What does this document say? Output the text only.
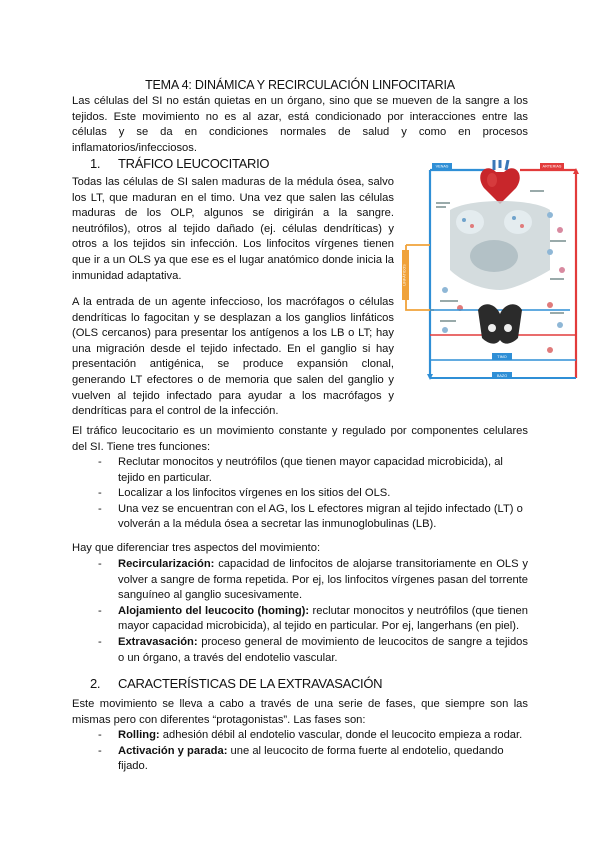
TEMA 4: DINÁMICA Y RECIRCULACIÓN LINFOCITARIA

Las células del SI no están quietas en un órgano, sino que se mueven de la sangre a los tejidos. Este movimiento no es al azar, está condicionado por interacciones entre las células y se da en condiciones normales de salud y como en procesos inflamatorios/infecciosos.

1. TRÁFICO LEUCOCITARIO

Todas las células de SI salen maduras de la médula ósea, salvo los LT, que maduran en el timo. Una vez que salen las células maduras de los OLP, algunos se dirigirán a la sangre. neutrófilos), otros al tejido dañado (ej. células dendríticas) y otros a los tejidos sin infección. Los linfocitos vírgenes tienen que ir a un OLS ya que ese es el lugar anatómico donde inicia la inmunidad adaptativa.

A la entrada de un agente infeccioso, los macrófagos o células dendríticas lo fagocitan y se desplazan a los ganglios linfáticos (OLS cercanos) para presentar los antígenos a los LB o LT; hay una migración desde el tejido infectado. En el ganglio si hay presentación antigénica, se produce expansión clonal, generando LT efectores o de memoria que salen del ganglio y vuelven al tejido infectado para ayudar a los macrófagos y dendríticas para el control de la infección.

VENAS	ARTERIAS
LINFÁTICOS
TIMO
BAZO

El tráfico leucocitario es un movimiento constante y regulado por componentes celulares del SI. Tiene tres funciones:

- Reclutar monocitos y neutrófilos (que tienen mayor capacidad microbicida), al tejido en particular.
- Localizar a los linfocitos vírgenes en los sitios del OLS.
- Una vez se encuentran con el AG, los L efectores migran al tejido infectado (LT) o volverán a la médula ósea a secretar las inmunoglobulinas (LB).

Hay que diferenciar tres aspectos del movimiento:

- Recircularización: capacidad de linfocitos de alojarse transitoriamente en OLS y volver a sangre de forma repetida. Por ej, los linfocitos vírgenes pasan del torrente sanguíneo al ganglio sucesivamente.
- Alojamiento del leucocito (homing): reclutar monocitos y neutrófilos (que tienen mayor capacidad microbicida), al tejido en particular. Por ej, langerhans (en piel).
- Extravasación: proceso general de movimiento de leucocitos de sangre a tejidos o un órgano, a través del endotelio vascular.
2. CARACTERÍSTICAS DE LA EXTRAVASACIÓN

Este movimiento se lleva a cabo a través de una serie de fases, que siempre son las mismas pero con diferentes “protagonistas”. Las fases son:

- Rolling: adhesión débil al endotelio vascular, donde el leucocito empieza a rodar.
- Activación y parada: une al leucocito de forma fuerte al endotelio, quedando fijado.
